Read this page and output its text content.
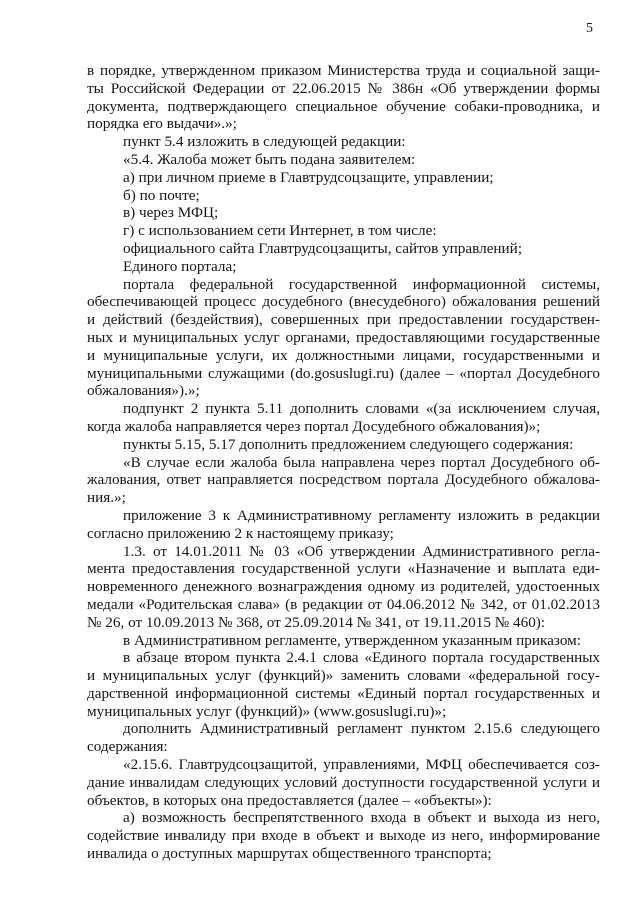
5

в порядке, утвержденном приказом Министерства труда и социальной защи-

ты Российской Федерации от 22.06.2015 № 386н «Об утверждении формы

документа, подтверждающего специальное обучение собаки-проводника, и

порядка его выдачи».»;

пункт 5.4 изложить в следующей редакции:

«5.4. Жалоба может быть подана заявителем:

а) при личном приеме в Главтрудсоцзащите, управлении;

б) по почте;

в) через МФЦ;

г) с использованием сети Интернет, в том числе:

официального сайта Главтрудсоцзащиты, сайтов управлений;

Единого портала;

портала федеральной государственной информационной системы,

обеспечивающей процесс досудебного (внесудебного) обжалования решений

и действий (бездействия), совершенных при предоставлении государствен-

ных и муниципальных услуг органами, предоставляющими государственные

и муниципальные услуги, их должностными лицами, государственными и

муниципальными служащими (do.gosuslugi.ru) (далее – «портал Досудебного

обжалования»).»;

подпункт 2 пункта 5.11 дополнить словами «(за исключением случая,

когда жалоба направляется через портал Досудебного обжалования)»;

пункты 5.15, 5.17 дополнить предложением следующего содержания:

«В случае если жалоба была направлена через портал Досудебного об-

жалования, ответ направляется посредством портала Досудебного обжалова-

ния.»;

приложение 3 к Административному регламенту изложить в редакции

согласно приложению 2 к настоящему приказу;

1.3. от 14.01.2011 № 03 «Об утверждении Административного регла-

мента предоставления государственной услуги «Назначение и выплата еди-

новременного денежного вознаграждения одному из родителей, удостоенных

медали «Родительская слава» (в редакции от 04.06.2012 № 342, от 01.02.2013

№ 26, от 10.09.2013 № 368, от 25.09.2014 № 341, от 19.11.2015 № 460):

в Административном регламенте, утвержденном указанным приказом:

в абзаце втором пункта 2.4.1 слова «Единого портала государственных

и муниципальных услуг (функций)» заменить словами «федеральной госу-

дарственной информационной системы «Единый портал государственных и

муниципальных услуг (функций)» (www.gosuslugi.ru)»;

дополнить Административный регламент пунктом 2.15.6 следующего

содержания:

«2.15.6. Главтрудсоцзащитой, управлениями, МФЦ обеспечивается соз-

дание инвалидам следующих условий доступности государственной услуги и

объектов, в которых она предоставляется (далее – «объекты»):

а) возможность беспрепятственного входа в объект и выхода из него,

содействие инвалиду при входе в объект и выходе из него, информирование

инвалида о доступных маршрутах общественного транспорта;
